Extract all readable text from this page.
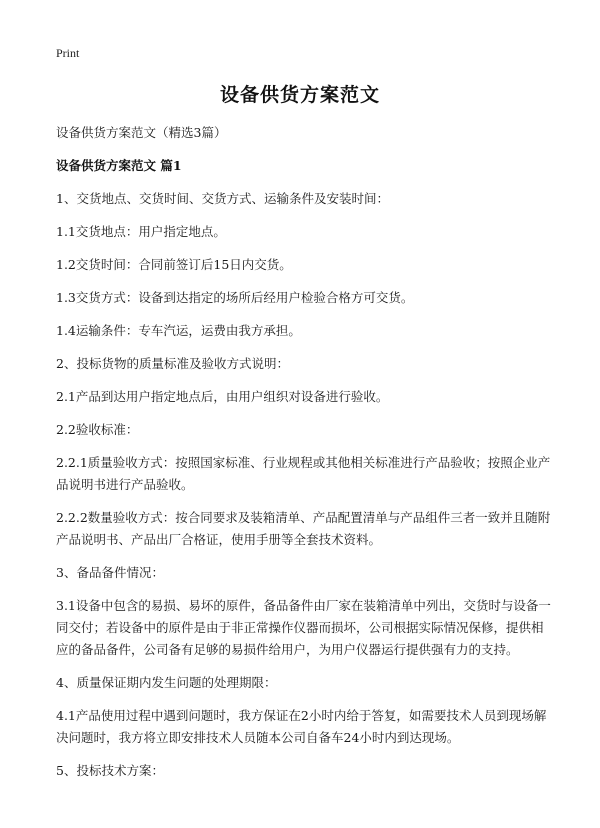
Print
设备供货方案范文

设备供货方案范文（精选3篇）

设备供货方案范文 篇1

1、交货地点、交货时间、交货方式、运输条件及安装时间：

1.1交货地点：用户指定地点。

1.2交货时间：合同前签订后15日内交货。

1.3交货方式：设备到达指定的场所后经用户检验合格方可交货。

1.4运输条件：专车汽运，运费由我方承担。

2、投标货物的质量标准及验收方式说明：

2.1产品到达用户指定地点后，由用户组织对设备进行验收。

2.2验收标准：

2.2.1质量验收方式：按照国家标准、行业规程或其他相关标准进行产品验收；按照企业产品说明书进行产品验收。

2.2.2数量验收方式：按合同要求及装箱清单、产品配置清单与产品组件三者一致并且随附产品说明书、产品出厂合格证，使用手册等全套技术资料。

3、备品备件情况：

3.1设备中包含的易损、易坏的原件，备品备件由厂家在装箱清单中列出，交货时与设备一同交付；若设备中的原件是由于非正常操作仪器而损坏，公司根据实际情况保修，提供相应的备品备件，公司备有足够的易损件给用户，为用户仪器运行提供强有力的支持。

4、质量保证期内发生问题的处理期限：

4.1产品使用过程中遇到问题时，我方保证在2小时内给于答复，如需要技术人员到现场解决问题时，我方将立即安排技术人员随本公司自备车24小时内到达现场。

5、投标技术方案：
